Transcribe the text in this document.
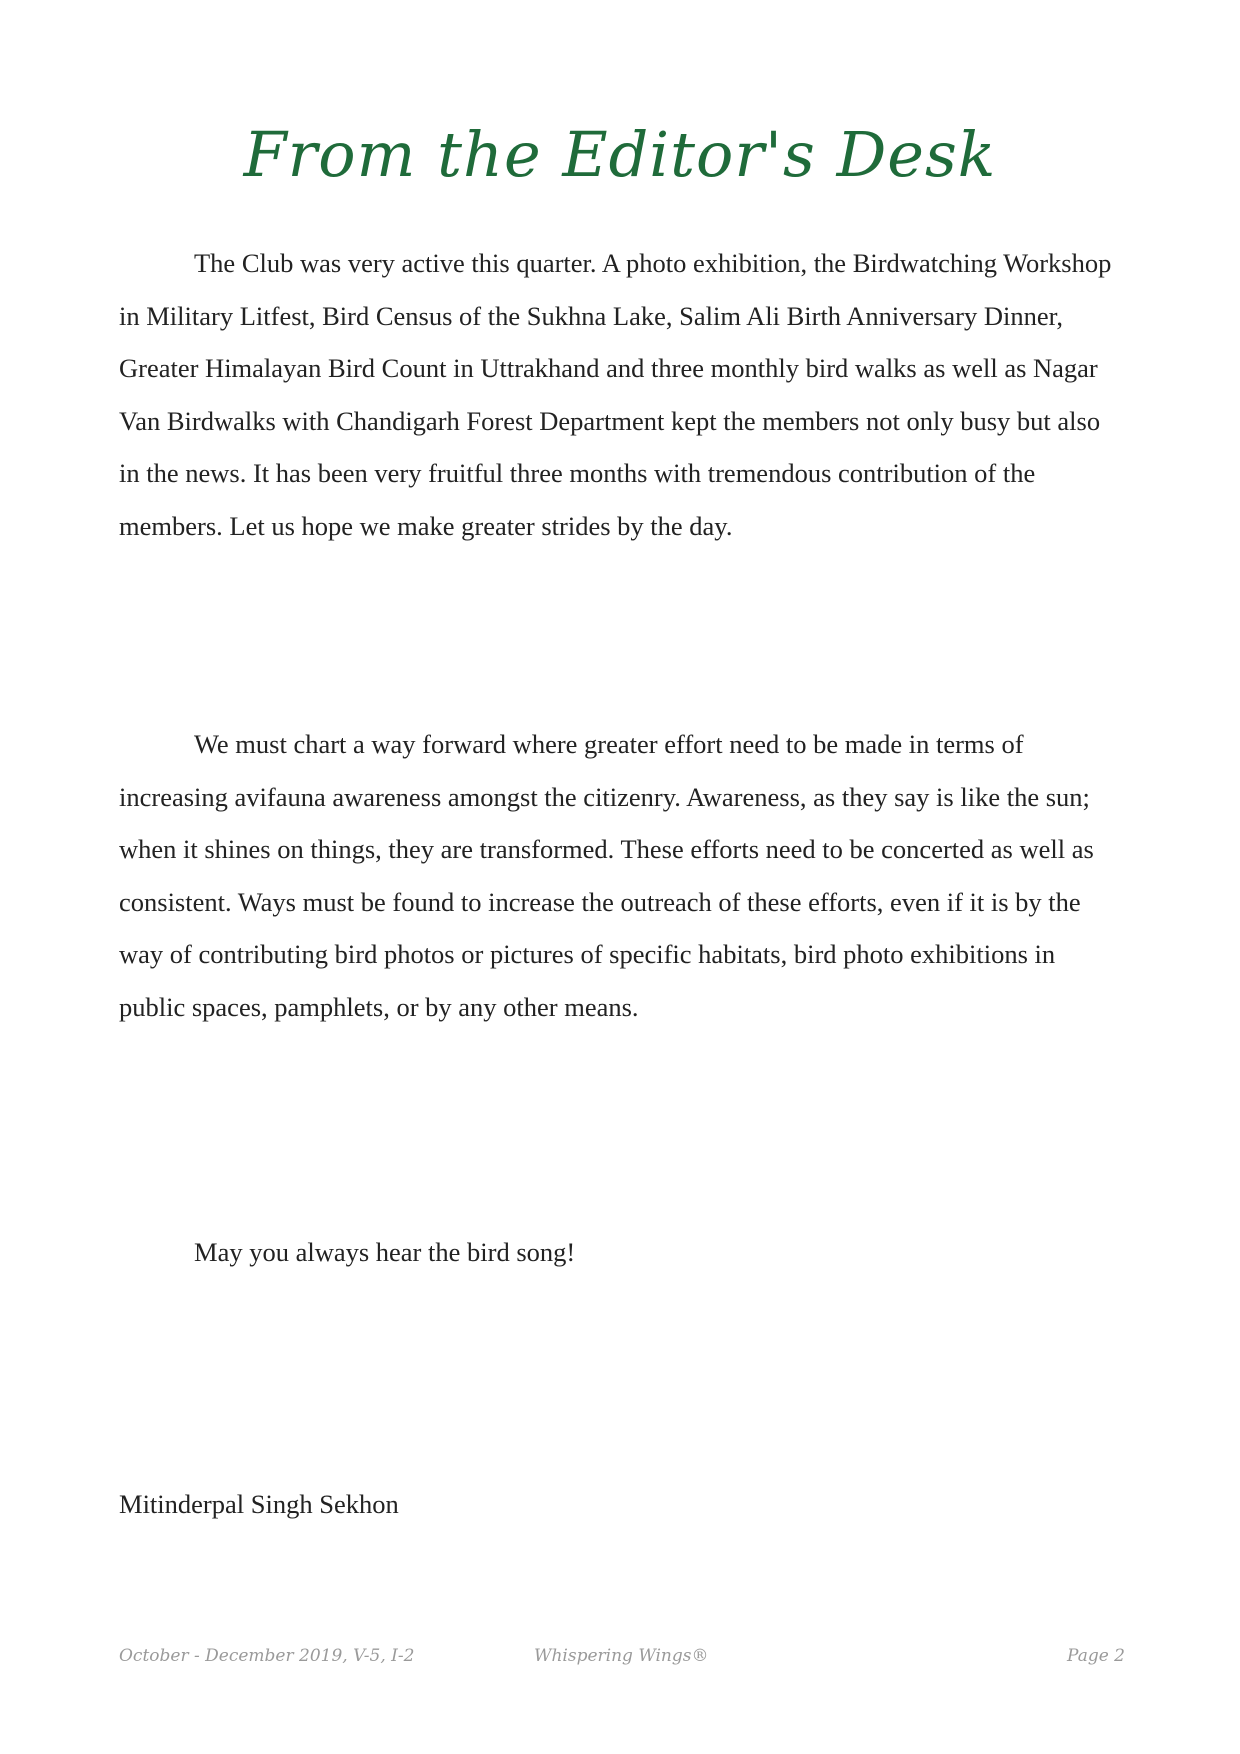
From the Editor's Desk

The Club was very active this quarter. A photo exhibition, the Birdwatching Workshop in Military Litfest, Bird Census of the Sukhna Lake, Salim Ali Birth Anniversary Dinner, Greater Himalayan Bird Count in Uttrakhand and three monthly bird walks as well as Nagar Van Birdwalks with Chandigarh Forest Department kept the members not only busy but also in the news. It has been very fruitful three months with tremendous contribution of the members. Let us hope we make greater strides by the day.

We must chart a way forward where greater effort need to be made in terms of increasing avifauna awareness amongst the citizenry. Awareness, as they say is like the sun; when it shines on things, they are transformed. These efforts need to be concerted as well as consistent. Ways must be found to increase the outreach of these efforts, even if it is by the way of contributing bird photos or pictures of specific habitats, bird photo exhibitions in public spaces, pamphlets, or by any other means.

May you always hear the bird song!

Mitinderpal Singh Sekhon

October - December 2019, V-5, I-2	Whispering Wings®	Page 2
